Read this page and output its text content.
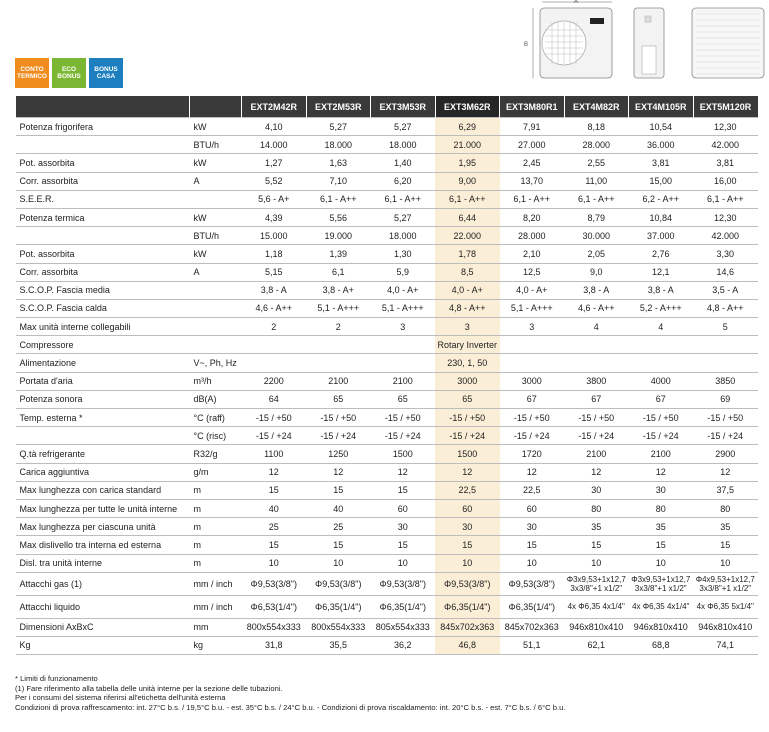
A
B
CONTO TERMICO
ECO BONUS
BONUS CASA
		EXT2M42R	EXT2M53R	EXT3M53R	EXT3M62R	EXT3M80R1	EXT4M82R	EXT4M105R	EXT5M120R
Potenza frigorifera	kW	4,10	5,27	5,27	6,29	7,91	8,18	10,54	12,30
	BTU/h	14.000	18.000	18.000	21.000	27.000	28.000	36.000	42.000
Pot. assorbita	kW	1,27	1,63	1,40	1,95	2,45	2,55	3,81	3,81
Corr. assorbita	A	5,52	7,10	6,20	9,00	13,70	11,00	15,00	16,00
S.E.E.R.		5,6 - A+	6,1 - A++	6,1 - A++	6,1 - A++	6,1 - A++	6,1 - A++	6,2 - A++	6,1 - A++
Potenza termica	kW	4,39	5,56	5,27	6,44	8,20	8,79	10,84	12,30
	BTU/h	15.000	19.000	18.000	22.000	28.000	30.000	37.000	42.000
Pot. assorbita	kW	1,18	1,39	1,30	1,78	2,10	2,05	2,76	3,30
Corr. assorbita	A	5,15	6,1	5,9	8,5	12,5	9,0	12,1	14,6
S.C.O.P. Fascia media		3,8 - A	3,8 - A+	4,0 - A+	4,0 - A+	4,0 - A+	3,8 - A	3,8 - A	3,5 - A
S.C.O.P. Fascia calda		4,6 - A++	5,1 - A+++	5,1 - A+++	4,8 - A++	5,1 - A+++	4,6 - A++	5,2 - A+++	4,8 - A++
Max unità interne collegabili		2	2	3	3	3	4	4	5
Compressore					Rotary Inverter				
Alimentazione	V~, Ph, Hz				230, 1, 50				
Portata d'aria	m³/h	2200	2100	2100	3000	3000	3800	4000	3850
Potenza sonora	dB(A)	64	65	65	65	67	67	67	69
Temp. esterna *	°C (raff)	-15 / +50	-15 / +50	-15 / +50	-15 / +50	-15 / +50	-15 / +50	-15 / +50	-15 / +50
	°C (risc)	-15 / +24	-15 / +24	-15 / +24	-15 / +24	-15 / +24	-15 / +24	-15 / +24	-15 / +24
Q.tà refrigerante	R32/g	1100	1250	1500	1500	1720	2100	2100	2900
Carica aggiuntiva	g/m	12	12	12	12	12	12	12	12
Max lunghezza con carica standard	m	15	15	15	22,5	22,5	30	30	37,5
Max lunghezza per tutte le unità interne	m	40	40	60	60	60	80	80	80
Max lunghezza per ciascuna unità	m	25	25	30	30	30	35	35	35
Max dislivello tra interna ed esterna	m	15	15	15	15	15	15	15	15
Disl. tra unità interne	m	10	10	10	10	10	10	10	10
Attacchi gas (1)	mm / inch	Φ9,53(3/8")	Φ9,53(3/8")	Φ9,53(3/8")	Φ9,53(3/8")	Φ9,53(3/8")	Φ3x9,53+1x12,7 3x3/8"+1 x1/2"	Φ3x9,53+1x12,7 3x3/8"+1 x1/2"	Φ4x9,53+1x12,7 3x3/8"+1 x1/2"
Attacchi liquido	mm / inch	Φ6,53(1/4")	Φ6,35(1/4")	Φ6,35(1/4")	Φ6,35(1/4")	Φ6,35(1/4")	4x Φ6,35 4x1/4"	4x Φ6,35 4x1/4"	4x Φ6,35 5x1/4"
Dimensioni AxBxC	mm	800x554x333	800x554x333	805x554x333	845x702x363	845x702x363	946x810x410	946x810x410	946x810x410
Kg	kg	31,8	35,5	36,2	46,8	51,1	62,1	68,8	74,1
* Limiti di funzionamento
(1) Fare riferimento alla tabella delle unità interne per la sezione delle tubazioni.
Per i consumi del sistema riferirsi all'etichetta dell'unità esterna
Condizioni di prova raffrescamento: int. 27°C b.s. / 19,5°C b.u. - est. 35°C b.s. / 24°C b.u. - Condizioni di prova riscaldamento: int. 20°C b.s. - est. 7°C b.s. / 6°C b.u.
